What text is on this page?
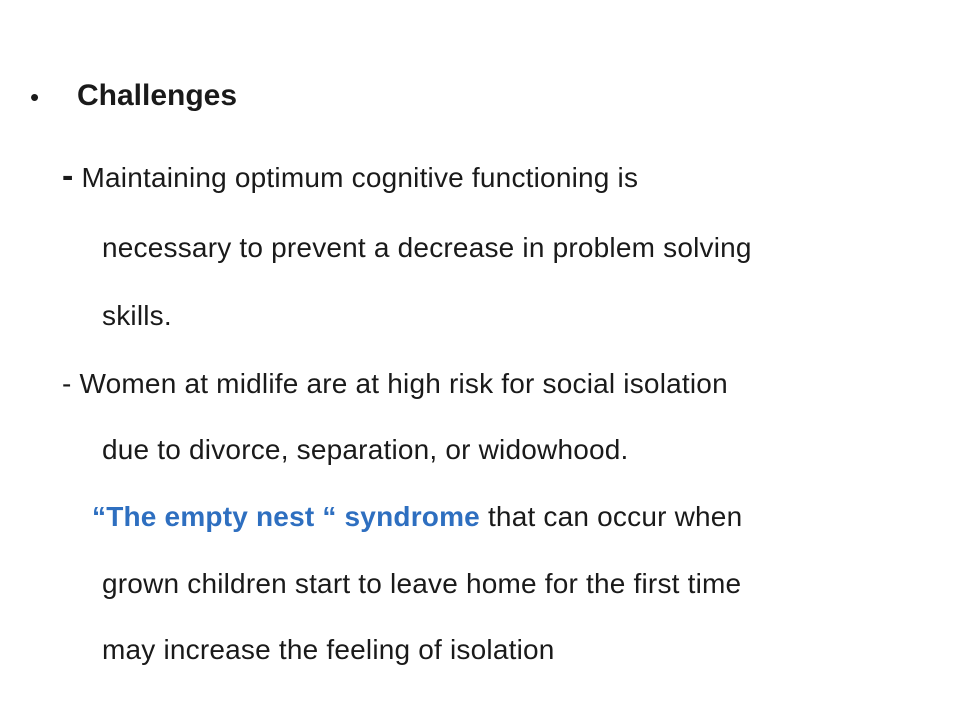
• Challenges
- Maintaining optimum cognitive functioning is
necessary to prevent a decrease in problem solving
skills.
- Women at midlife are at high risk for social isolation
due to divorce, separation, or widowhood.
“The empty nest “ syndrome that can occur when
grown children start to leave home for the first time
may increase the feeling of isolation
